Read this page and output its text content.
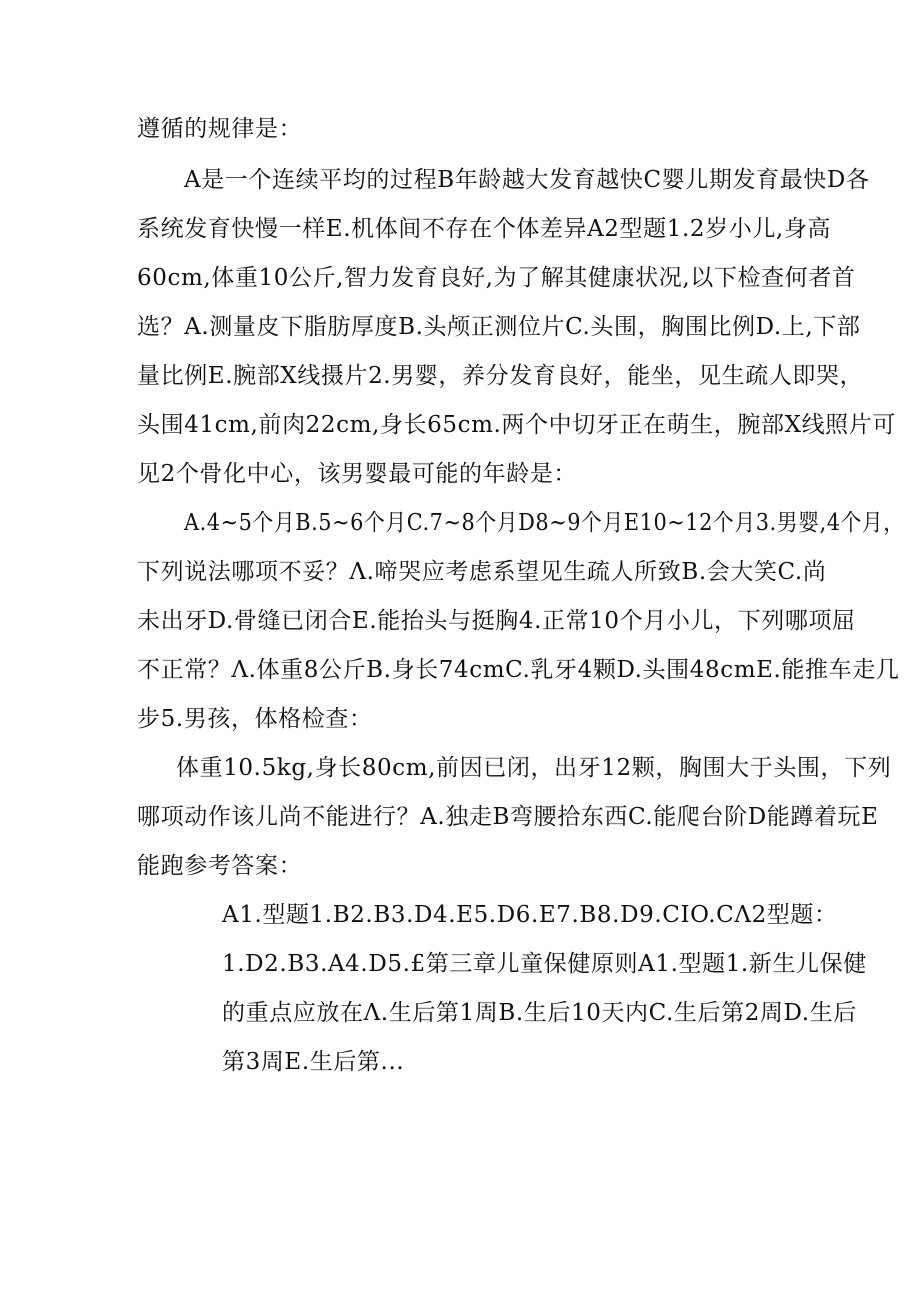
遵循的规律是：
A是一个连续平均的过程B年龄越大发育越快C婴儿期发育最快D各
系统发育快慢一样E.机体间不存在个体差异A2型题1.2岁小儿,身高
60cm,体重10公斤,智力发育良好,为了解其健康状况,以下检查何者首
选？A.测量皮下脂肪厚度B.头颅正测位片C.头围，胸围比例D.上,下部
量比例E.腕部X线摄片2.男婴，养分发育良好，能坐，见生疏人即哭，
头围41cm,前肉22cm,身长65cm.两个中切牙正在萌生，腕部X线照片可
见2个骨化中心，该男婴最可能的年龄是：
A.4~5个月B.5~6个月C.7~8个月D8~9个月E10~12个月3.男婴,4个月，
下列说法哪项不妥？Λ.啼哭应考虑系望见生疏人所致B.会大笑C.尚
未出牙D.骨缝已闭合E.能抬头与挺胸4.正常10个月小儿，下列哪项屈
不正常？Λ.体重8公斤B.身长74cmC.乳牙4颗D.头围48cmE.能推车走几
步5.男孩，体格检查：
体重10.5kg,身长80cm,前因已闭，出牙12颗，胸围大于头围，下列
哪项动作该儿尚不能进行？A.独走B弯腰拾东西C.能爬台阶D能蹲着玩E
能跑参考答案：
A1.型题1.B2.B3.D4.E5.D6.E7.B8.D9.CIO.CΛ2型题：
1.D2.B3.A4.D5.£第三章儿童保健原则A1.型题1.新生儿保健
的重点应放在Λ.生后第1周B.生后10天内C.生后第2周D.生后
第3周E.生后第...
